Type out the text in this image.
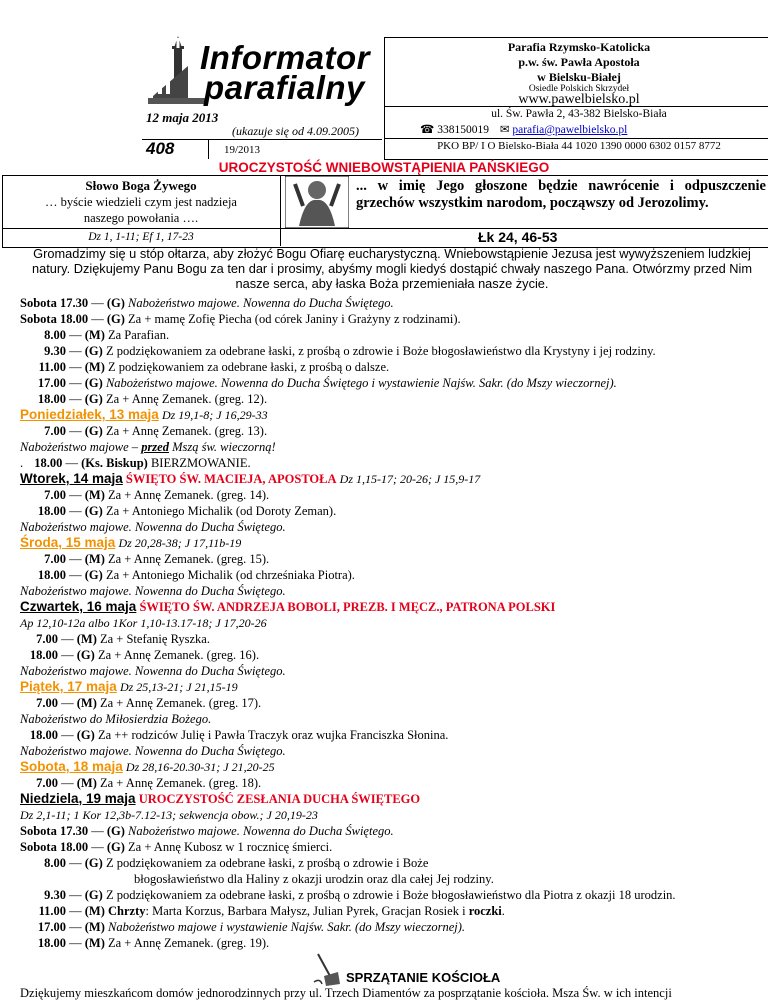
Informator
parafialny
12 maja 2013
(ukazuje się od 4.09.2005)
408	19/2013
Parafia Rzymsko-Katolicka
p.w. św. Pawła Apostoła
w Bielsku-Białej
Osiedle Polskich Skrzydeł
www.pawelbielsko.pl
ul. Św. Pawła 2, 43-382 Bielsko-Biała
☎ 338150019 ✉ parafia@pawelbielsko.pl
PKO BP/ I O Bielsko-Biała 44 1020 1390 0000 6302 0157 8772
UROCZYSTOŚĆ WNIEBOWSTĄPIENIA PAŃSKIEGO
Słowo Boga Żywego
… byście wiedzieli czym jest nadzieja
naszego powołania ….
Dz 1, 1-11; Ef 1, 17-23
... w imię Jego głoszone będzie nawrócenie i odpuszczenie grzechów wszystkim narodom, począwszy od Jerozolimy.
Łk 24, 46-53
Gromadzimy się u stóp ołtarza, aby złożyć Bogu Ofiarę eucharystyczną. Wniebowstąpienie Jezusa jest wywyższeniem ludzkiej natury. Dziękujemy Panu Bogu za ten dar i prosimy, abyśmy mogli kiedyś dostąpić chwały naszego Pana. Otwórzmy przed Nim nasze serca, aby łaska Boża przemieniała nasze życie.
Sobota 17.30 — (G) Nabożeństwo majowe. Nowenna do Ducha Świętego.
Sobota 18.00 — (G) Za + mamę Zofię Piecha (od córek Janiny i Grażyny z rodzinami).
8.00 — (M) Za Parafian.
9.30 — (G) Z podziękowaniem za odebrane łaski, z prośbą o zdrowie i Boże błogosławieństwo dla Krystyny i jej rodziny.
11.00 — (M) Z podziękowaniem za odebrane łaski, z prośbą o dalsze.
17.00 — (G) Nabożeństwo majowe. Nowenna do Ducha Świętego i wystawienie Najśw. Sakr. (do Mszy wieczornej).
18.00 — (G) Za + Annę Zemanek. (greg. 12).
Poniedziałek, 13 maja Dz 19,1-8; J 16,29-33
7.00 — (G) Za + Annę Zemanek. (greg. 13).
Nabożeństwo majowe – przed Mszą św. wieczorną!
. 18.00 — (Ks. Biskup) BIERZMOWANIE.
Wtorek, 14 maja ŚWIĘTO ŚW. MACIEJA, APOSTOŁA Dz 1,15-17; 20-26; J 15,9-17
7.00 — (M) Za + Annę Zemanek. (greg. 14).
18.00 — (G) Za + Antoniego Michalik (od Doroty Zeman).
Nabożeństwo majowe. Nowenna do Ducha Świętego.
Środa, 15 maja Dz 20,28-38; J 17,11b-19
7.00 — (M) Za + Annę Zemanek. (greg. 15).
18.00 — (G) Za + Antoniego Michalik (od chrześniaka Piotra).
Nabożeństwo majowe. Nowenna do Ducha Świętego.
Czwartek, 16 maja ŚWIĘTO ŚW. ANDRZEJA BOBOLI, PREZB. I MĘCZ., PATRONA POLSKI
Ap 12,10-12a albo 1Kor 1,10-13.17-18; J 17,20-26
7.00 — (M) Za + Stefanię Ryszka.
18.00 — (G) Za + Annę Zemanek. (greg. 16).
Nabożeństwo majowe. Nowenna do Ducha Świętego.
Piątek, 17 maja Dz 25,13-21; J 21,15-19
7.00 — (M) Za + Annę Zemanek. (greg. 17).
Nabożeństwo do Miłosierdzia Bożego.
18.00 — (G) Za ++ rodziców Julię i Pawła Traczyk oraz wujka Franciszka Słonina.
Nabożeństwo majowe. Nowenna do Ducha Świętego.
Sobota, 18 maja Dz 28,16-20.30-31; J 21,20-25
7.00 — (M) Za + Annę Zemanek. (greg. 18).
Niedziela, 19 maja UROCZYSTOŚĆ ZESŁANIA DUCHA ŚWIĘTEGO
Dz 2,1-11; 1 Kor 12,3b-7.12-13; sekwencja obow.; J 20,19-23
Sobota 17.30 — (G) Nabożeństwo majowe. Nowenna do Ducha Świętego.
Sobota 18.00 — (G) Za + Annę Kubosz w 1 rocznicę śmierci.
8.00 — (G) Z podziękowaniem za odebrane łaski, z prośbą o zdrowie i Boże
błogosławieństwo dla Haliny z okazji urodzin oraz dla całej Jej rodziny.
9.30 — (G) Z podziękowaniem za odebrane łaski, z prośbą o zdrowie i Boże błogosławieństwo dla Piotra z okazji 18 urodzin.
11.00 — (M) Chrzty: Marta Korzus, Barbara Małysz, Julian Pyrek, Gracjan Rosiek i roczki.
17.00 — (M) Nabożeństwo majowe i wystawienie Najśw. Sakr. (do Mszy wieczornej).
18.00 — (M) Za + Annę Zemanek. (greg. 19).
SPRZĄTANIE KOŚCIOŁA
Dziękujemy mieszkańcom domów jednorodzinnych przy ul. Trzech Diamentów za posprzątanie kościoła. Msza Św. w ich intencji
